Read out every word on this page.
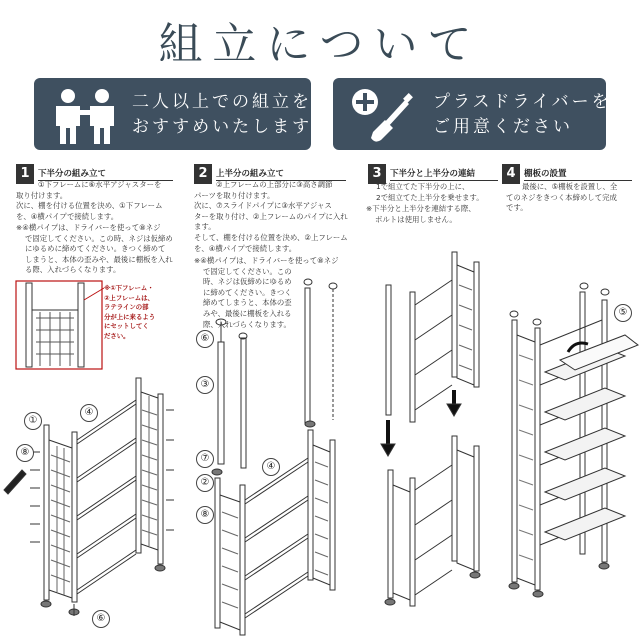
組立について
二人以上での組立を
おすすめいたします
プラスドライバーを
ご用意ください
1 下半分の組み立て
①下フレームに⑥水平アジャスターを
取り付けます。
次に、棚を付ける位置を決め、①下フレーム
を、④横パイプで接続します。
※④横パイプは、ドライバーを使って⑧ネジ
で固定してください。この時、ネジは仮締め
にゆるめに締めてください。きつく締めて
しまうと、本体の歪みや、最後に棚板を入れ
る際、入れづらくなります。
※①下フレーム・
②上フレームは、
ラテラインの部
分が上に来るよう
にセットしてく
ださい。
2 上半分の組み立て
②上フレームの上部分に③高さ調節
パーツを取り付けます。
次に、⑦スライドパイプに③水平アジャス
ターを取り付け、②上フレームのパイプに入れ
ます。
そして、棚を付ける位置を決め、②上フレーム
を、④横パイプで接続します。
※④横パイプは、ドライバーを使って⑧ネジ
で固定してください。この
時、ネジは仮締めにゆるめ
に締めてください。きつく
締めてしまうと、本体の歪
みや、最後に棚板を入れる
際、入れづらくなります。
3 下半分と上半分の連結
1で組立てた下半分の上に、
2で組立てた上半分を乗せます。
※下半分と上半分を連結する際、
ボルトは使用しません。
4 棚板の設置
最後に、⑤棚板を設置し、全
てのネジをきつく本締めして完成
です。
①
④
⑧
⑥
⑥
③
⑦
②
⑧
④
⑤
